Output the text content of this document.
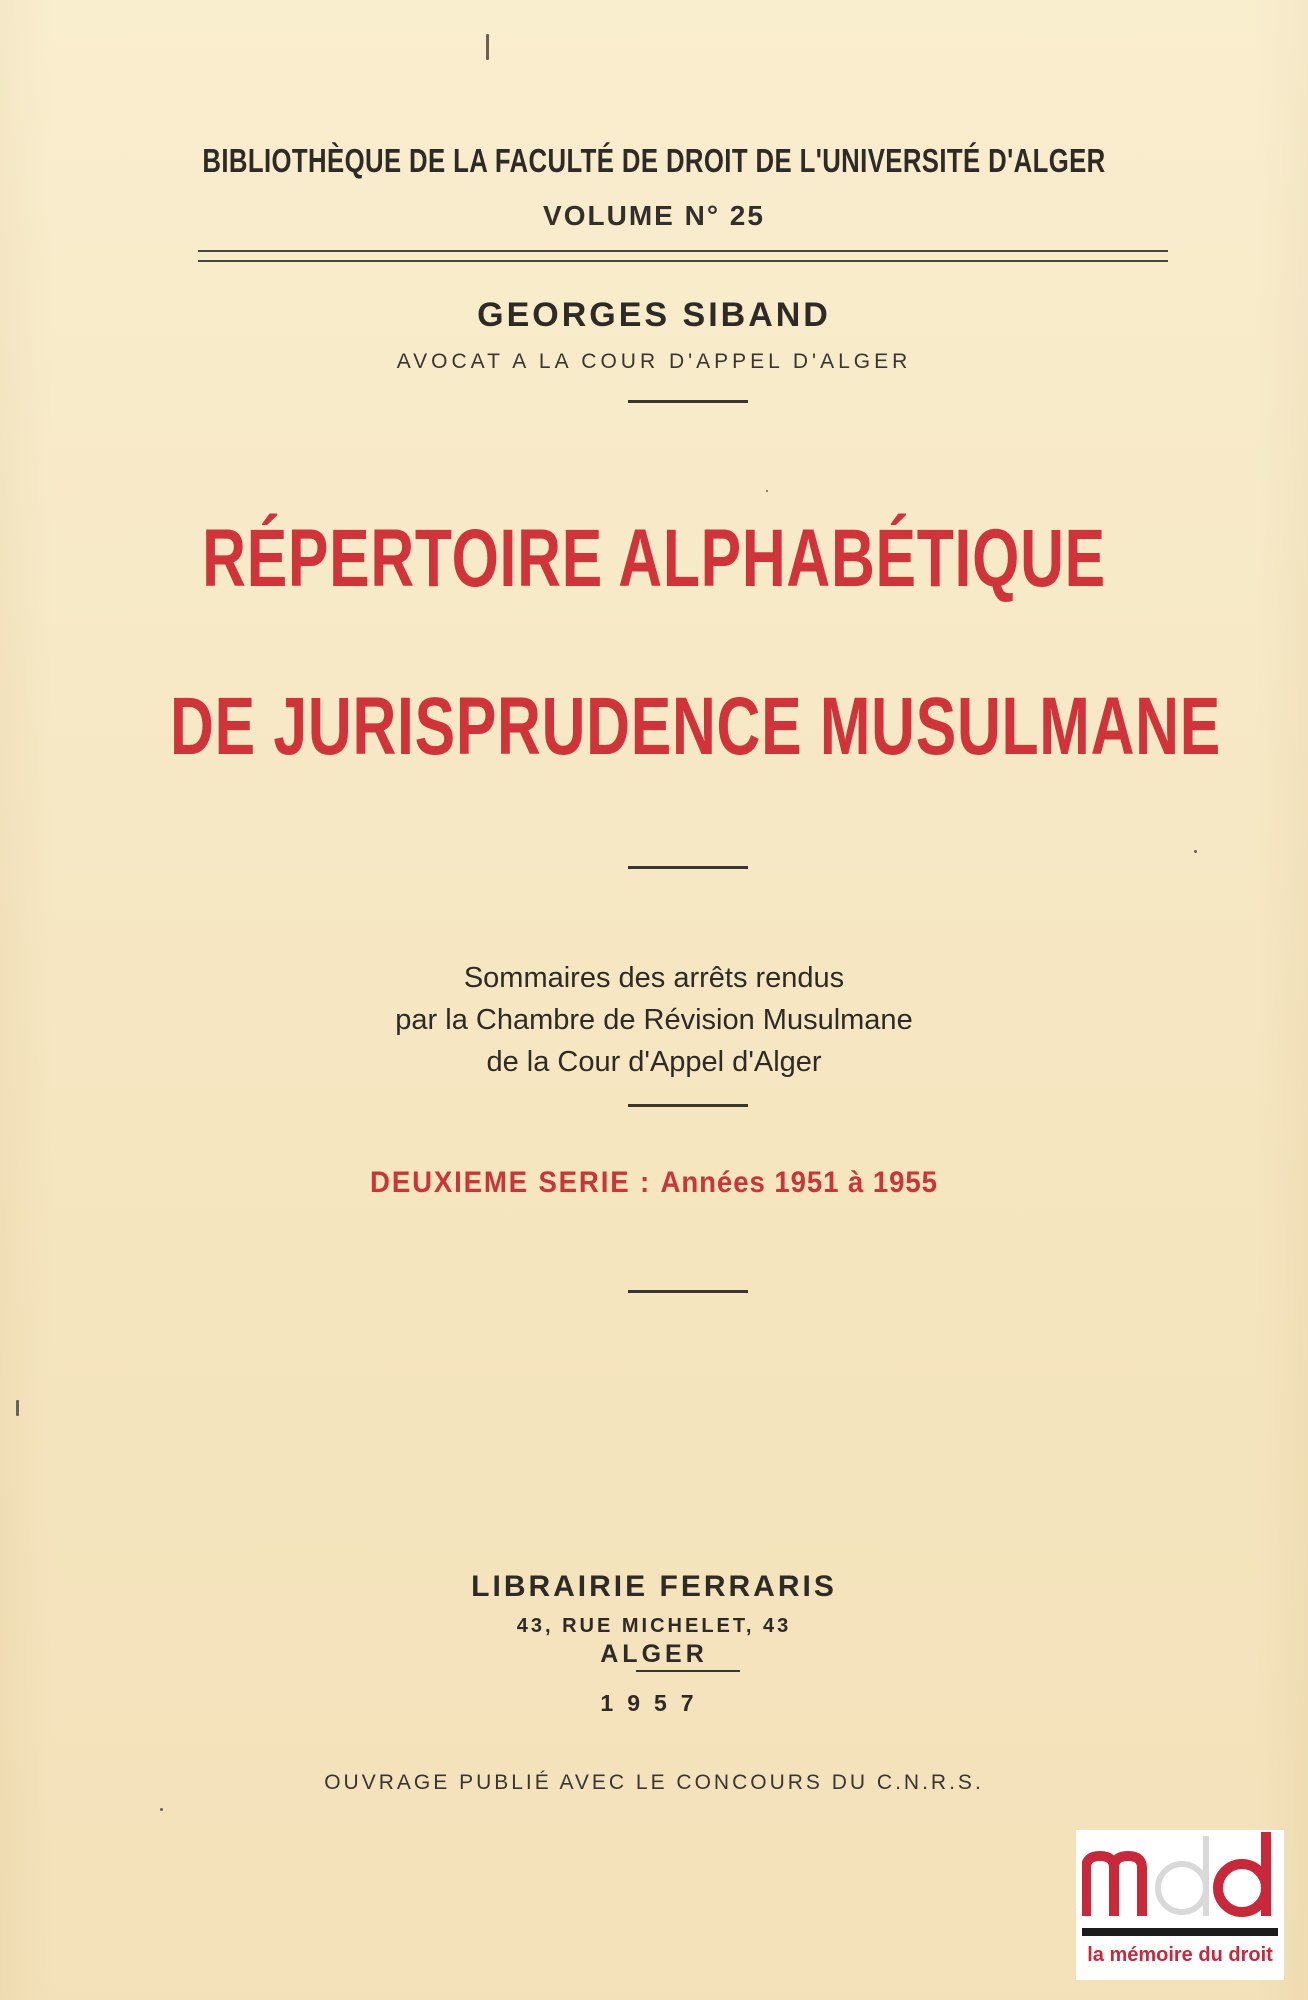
BIBLIOTHÈQUE DE LA FACULTÉ DE DROIT DE L'UNIVERSITÉ D'ALGER

VOLUME N° 25

GEORGES SIBAND

AVOCAT A LA COUR D'APPEL D'ALGER

RÉPERTOIRE ALPHABÉTIQUE

DE JURISPRUDENCE MUSULMANE

Sommaires des arrêts rendus

par la Chambre de Révision Musulmane

de la Cour d'Appel d'Alger

DEUXIEME SERIE : Années 1951 à 1955

LIBRAIRIE FERRARIS

43, RUE MICHELET, 43

ALGER

1957

OUVRAGE PUBLIÉ AVEC LE CONCOURS DU C.N.R.S.

la mémoire du droit
